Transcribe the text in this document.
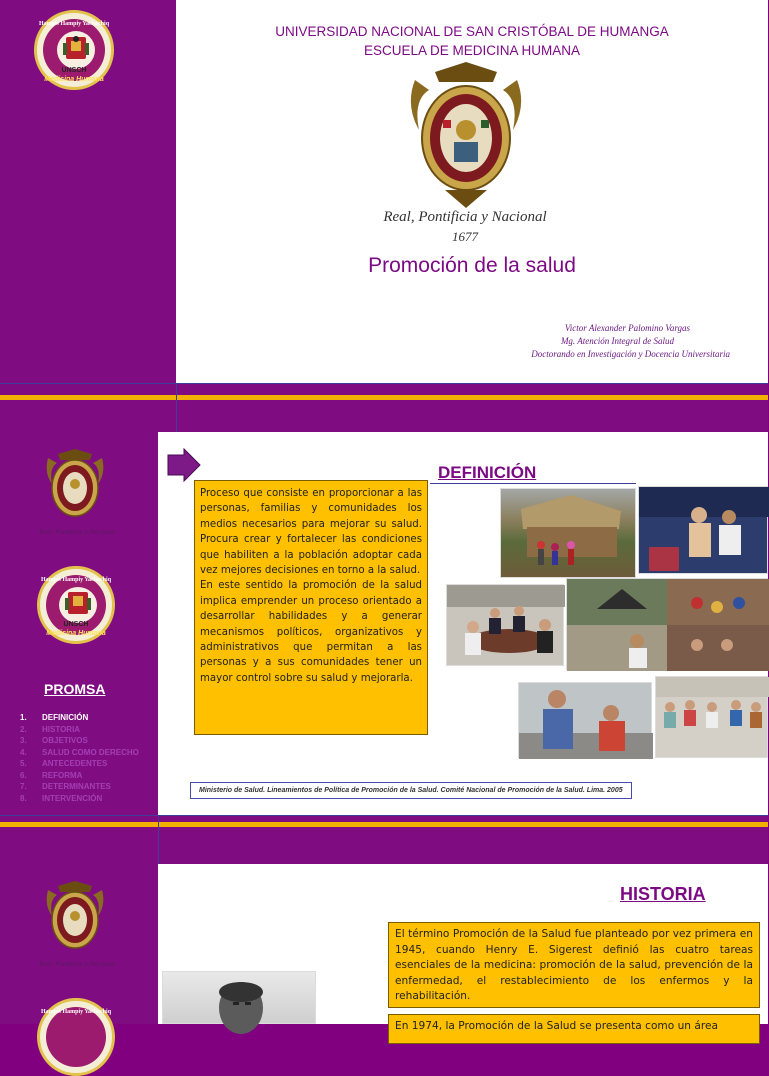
Hampis Hampiy Yachachiq
UNSCH
Medicina Humana
UNIVERSIDAD NACIONAL DE SAN CRISTÓBAL DE HUMANGA
ESCUELA DE MEDICINA HUMANA
Real, Pontificia y Nacional
1677
Promoción de la salud
Victor Alexander Palomino Vargas
Mg. Atención Integral de Salud
Doctorando en Investigación y Docencia Universitaria
Real, Pontificia y Nacional
Hampis Hampiy Yachachiq
UNSCH
Medicina Humana
PROMSA
1. DEFINICIÓN
2. HISTORIA
3. OBJETIVOS
4. SALUD COMO DERECHO
5. ANTECEDENTES
6. REFORMA
7. DETERMINANTES
8. INTERVENCIÓN
DEFINICIÓN

Proceso que consiste en proporcionar a las personas, familias y comunidades los medios necesarios para mejorar su salud. Procura crear y fortalecer las condiciones que habiliten a la población adoptar cada vez mejores decisiones en torno a la salud.

En este sentido la promoción de la salud implica emprender un proceso orientado a desarrollar habilidades y a generar mecanismos políticos, organizativos y administrativos que permitan a las personas y a sus comunidades tener un mayor control sobre su salud y mejorarla.

Ministerio de Salud. Lineamientos de Política de Promoción de la Salud. Comité Nacional de Promoción de la Salud. Lima. 2005
Real, Pontificia y Nacional
Hampis Hampiy Yachachiq
HISTORIA

El término Promoción de la Salud fue planteado por vez primera en 1945, cuando Henry E. Sigerest definió las cuatro tareas esenciales de la medicina: promoción de la salud, prevención de la enfermedad, el restablecimiento de los enfermos y la rehabilitación.

En 1974, la Promoción de la Salud se presenta como un área
